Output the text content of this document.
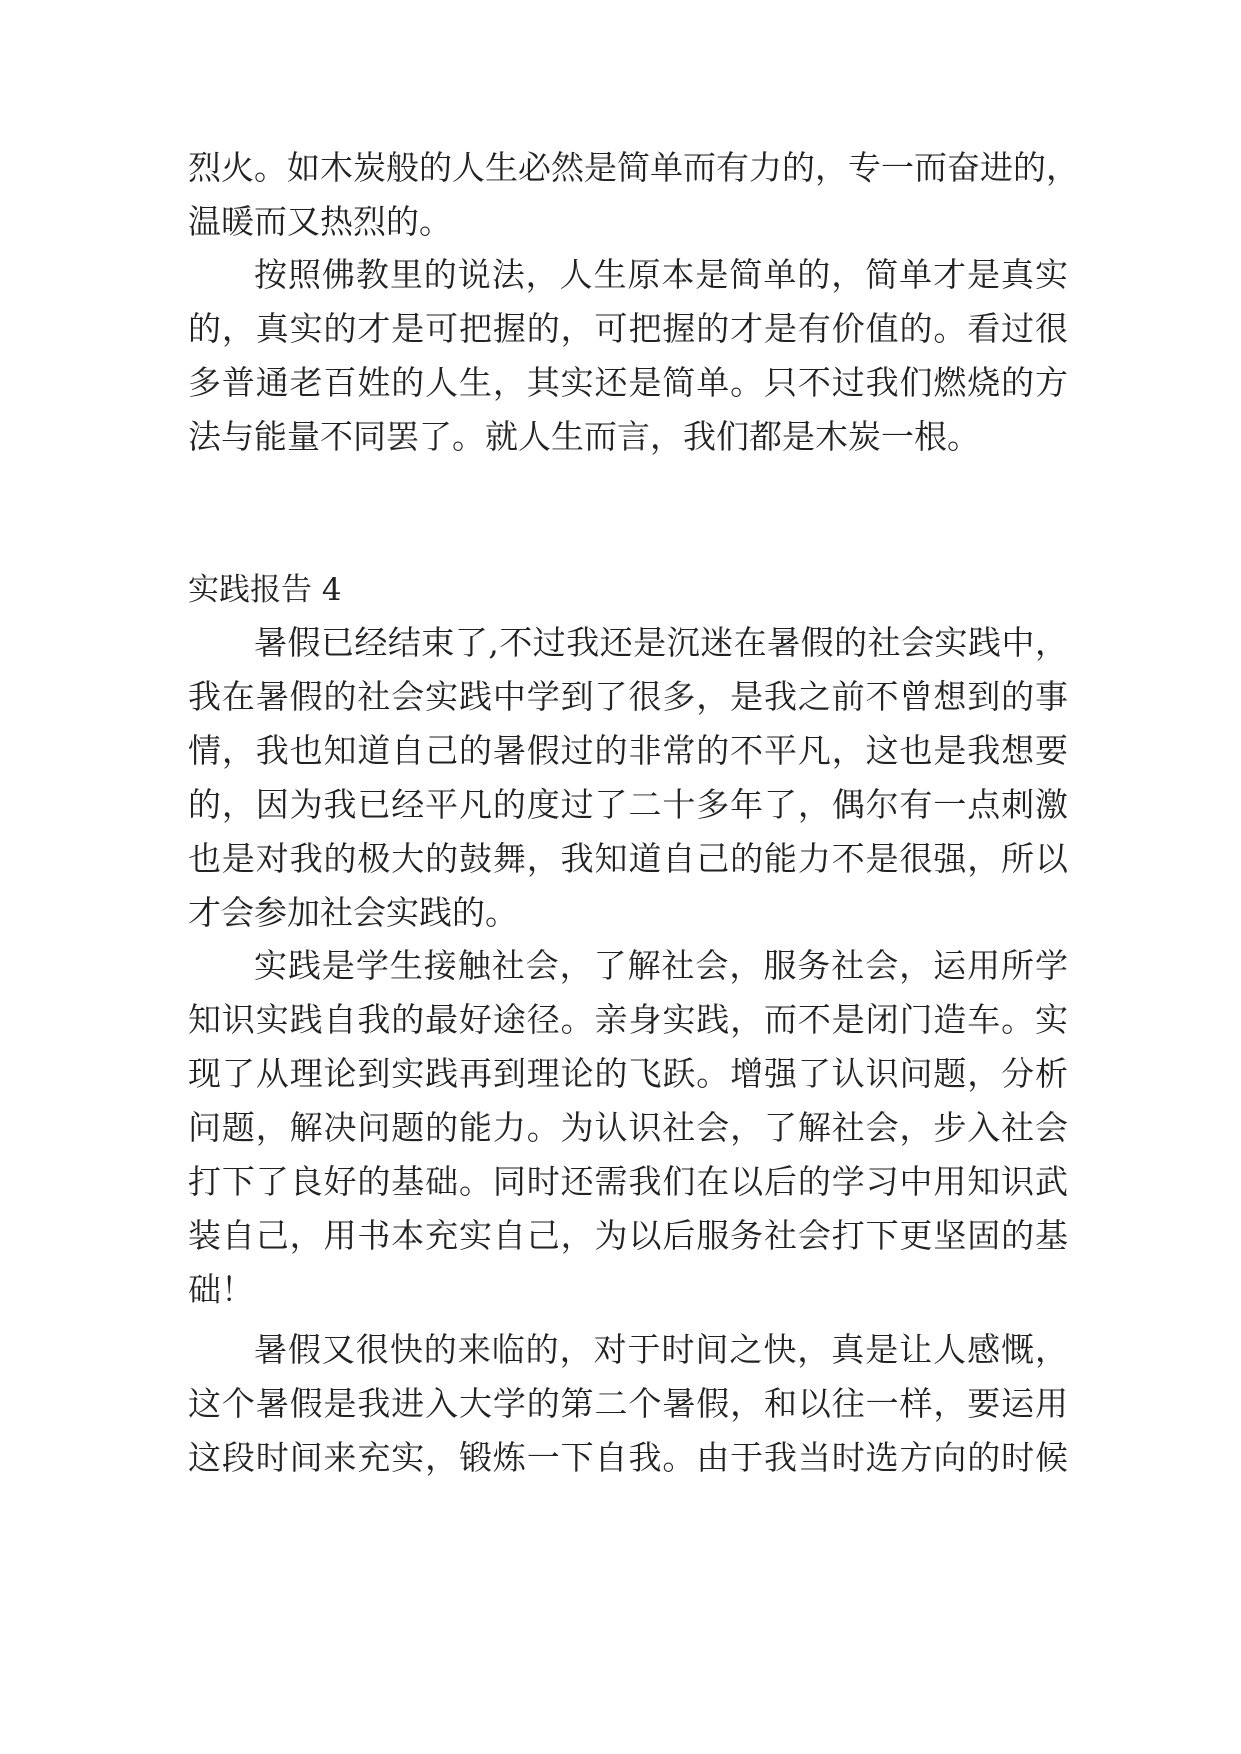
烈火。如木炭般的人生必然是简单而有力的，专一而奋进的，

温暖而又热烈的。

按照佛教里的说法，人生原本是简单的，简单才是真实

的，真实的才是可把握的，可把握的才是有价值的。看过很

多普通老百姓的人生，其实还是简单。只不过我们燃烧的方

法与能量不同罢了。就人生而言，我们都是木炭一根。

实践报告 4

暑假已经结束了,不过我还是沉迷在暑假的社会实践中，

我在暑假的社会实践中学到了很多，是我之前不曾想到的事

情，我也知道自己的暑假过的非常的不平凡，这也是我想要

的，因为我已经平凡的度过了二十多年了，偶尔有一点刺激

也是对我的极大的鼓舞，我知道自己的能力不是很强，所以

才会参加社会实践的。

实践是学生接触社会，了解社会，服务社会，运用所学

知识实践自我的最好途径。亲身实践，而不是闭门造车。实

现了从理论到实践再到理论的飞跃。增强了认识问题，分析

问题，解决问题的能力。为认识社会，了解社会，步入社会

打下了良好的基础。同时还需我们在以后的学习中用知识武

装自己，用书本充实自己，为以后服务社会打下更坚固的基

础！

暑假又很快的来临的，对于时间之快，真是让人感慨，

这个暑假是我进入大学的第二个暑假，和以往一样，要运用

这段时间来充实，锻炼一下自我。由于我当时选方向的时候
